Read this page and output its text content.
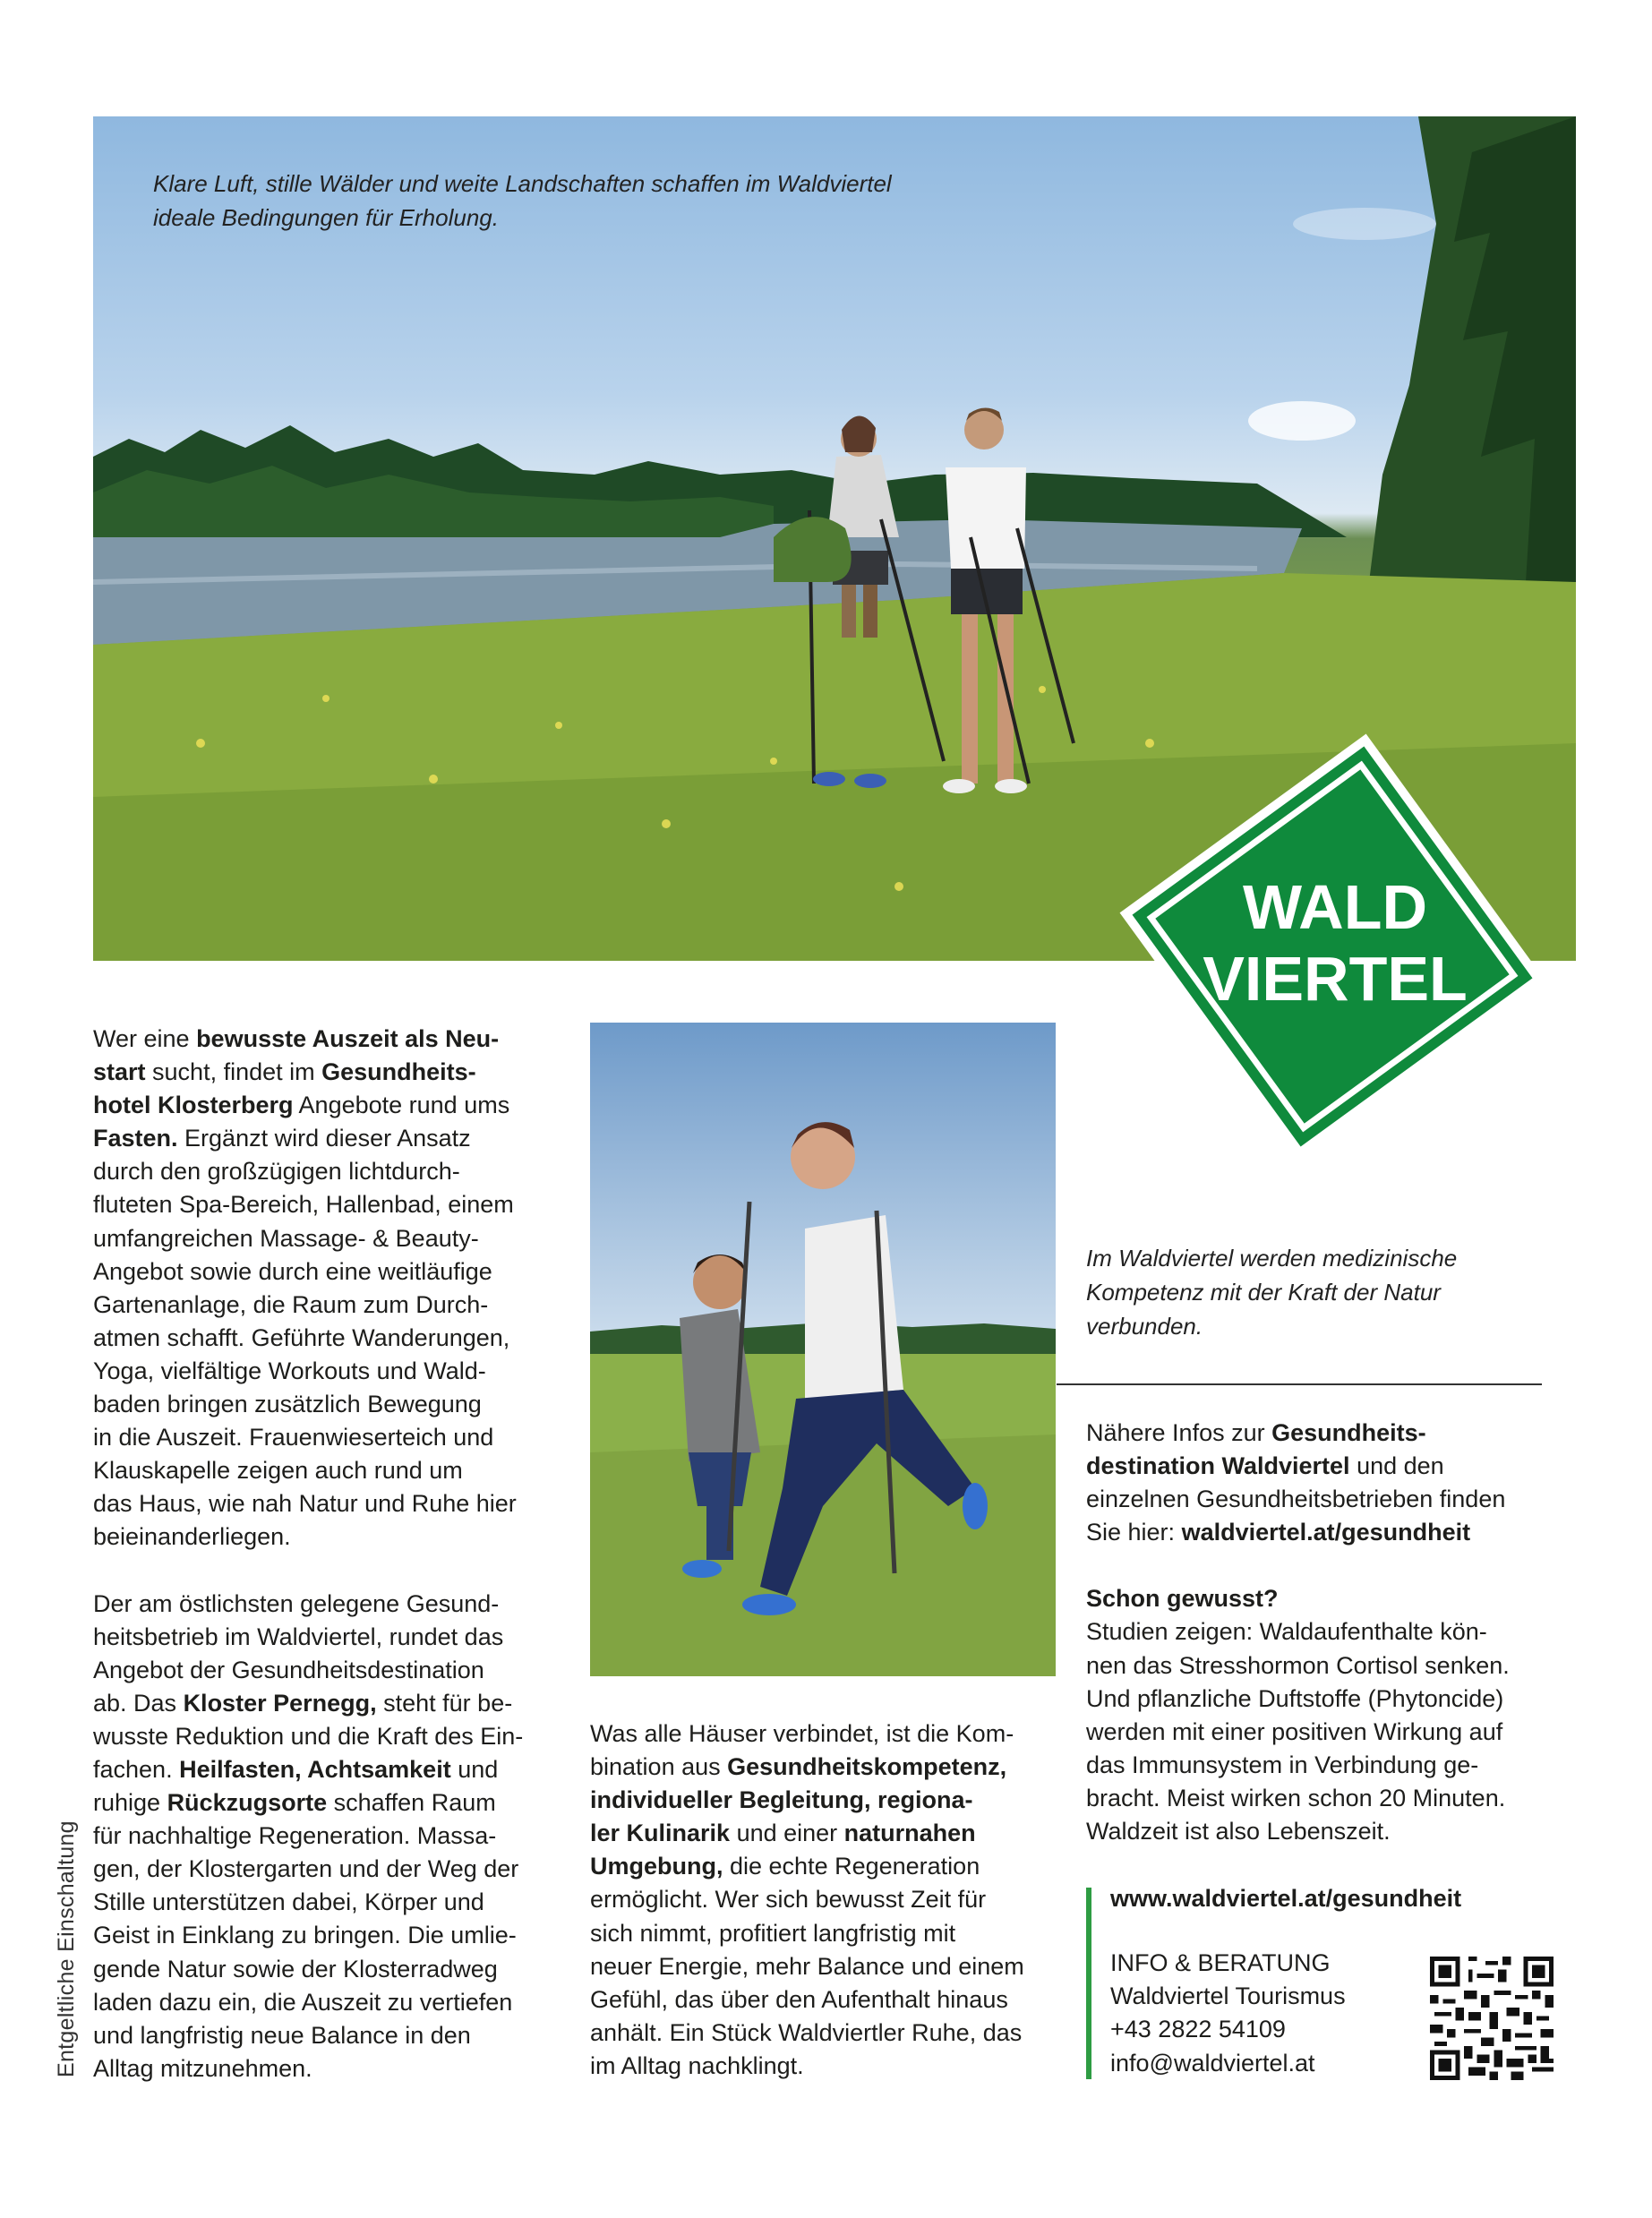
Klare Luft, stille Wälder und weite Landschaften schaffen im Waldviertel
ideale Bedingungen für Erholung.

WALD
VIERTEL

Wer eine bewusste Auszeit als Neu-
start sucht, findet im Gesundheits-
hotel Klosterberg Angebote rund ums
Fasten. Ergänzt wird dieser Ansatz
durch den großzügigen lichtdurch-
fluteten Spa-Bereich, Hallenbad, einem
umfangreichen Massage- & Beauty-
Angebot sowie durch eine weitläufige
Gartenanlage, die Raum zum Durch-
atmen schafft. Geführte Wanderungen,
Yoga, vielfältige Workouts und Wald-
baden bringen zusätzlich Bewegung
in die Auszeit. Frauenwieserteich und
Klauskapelle zeigen auch rund um
das Haus, wie nah Natur und Ruhe hier
beieinanderliegen.

Der am östlichsten gelegene Gesund-
heitsbetrieb im Waldviertel, rundet das
Angebot der Gesundheitsdestination
ab. Das Kloster Pernegg, steht für be-
wusste Reduktion und die Kraft des Ein-
fachen. Heilfasten, Achtsamkeit und
ruhige Rückzugsorte schaffen Raum
für nachhaltige Regeneration. Massa-
gen, der Klostergarten und der Weg der
Stille unterstützen dabei, Körper und
Geist in Einklang zu bringen. Die umlie-
gende Natur sowie der Klosterradweg
laden dazu ein, die Auszeit zu vertiefen
und langfristig neue Balance in den
Alltag mitzunehmen.

Was alle Häuser verbindet, ist die Kom-
bination aus Gesundheitskompetenz,
individueller Begleitung, regiona-
ler Kulinarik und einer naturnahen
Umgebung, die echte Regeneration
ermöglicht. Wer sich bewusst Zeit für
sich nimmt, profitiert langfristig mit
neuer Energie, mehr Balance und einem
Gefühl, das über den Aufenthalt hinaus
anhält. Ein Stück Waldviertler Ruhe, das
im Alltag nachklingt.

Im Waldviertel werden medizinische
Kompetenz mit der Kraft der Natur
verbunden.

Nähere Infos zur Gesundheits-
destination Waldviertel und den
einzelnen Gesundheitsbetrieben finden
Sie hier: waldviertel.at/gesundheit

Schon gewusst?
Studien zeigen: Waldaufenthalte kön-
nen das Stresshormon Cortisol senken.
Und pflanzliche Duftstoffe (Phytoncide)
werden mit einer positiven Wirkung auf
das Immunsystem in Verbindung ge-
bracht. Meist wirken schon 20 Minuten.
Waldzeit ist also Lebenszeit.

www.waldviertel.at/gesundheit
INFO & BERATUNG
Waldviertel Tourismus
+43 2822 54109
info@waldviertel.at
Entgeltliche Einschaltung
